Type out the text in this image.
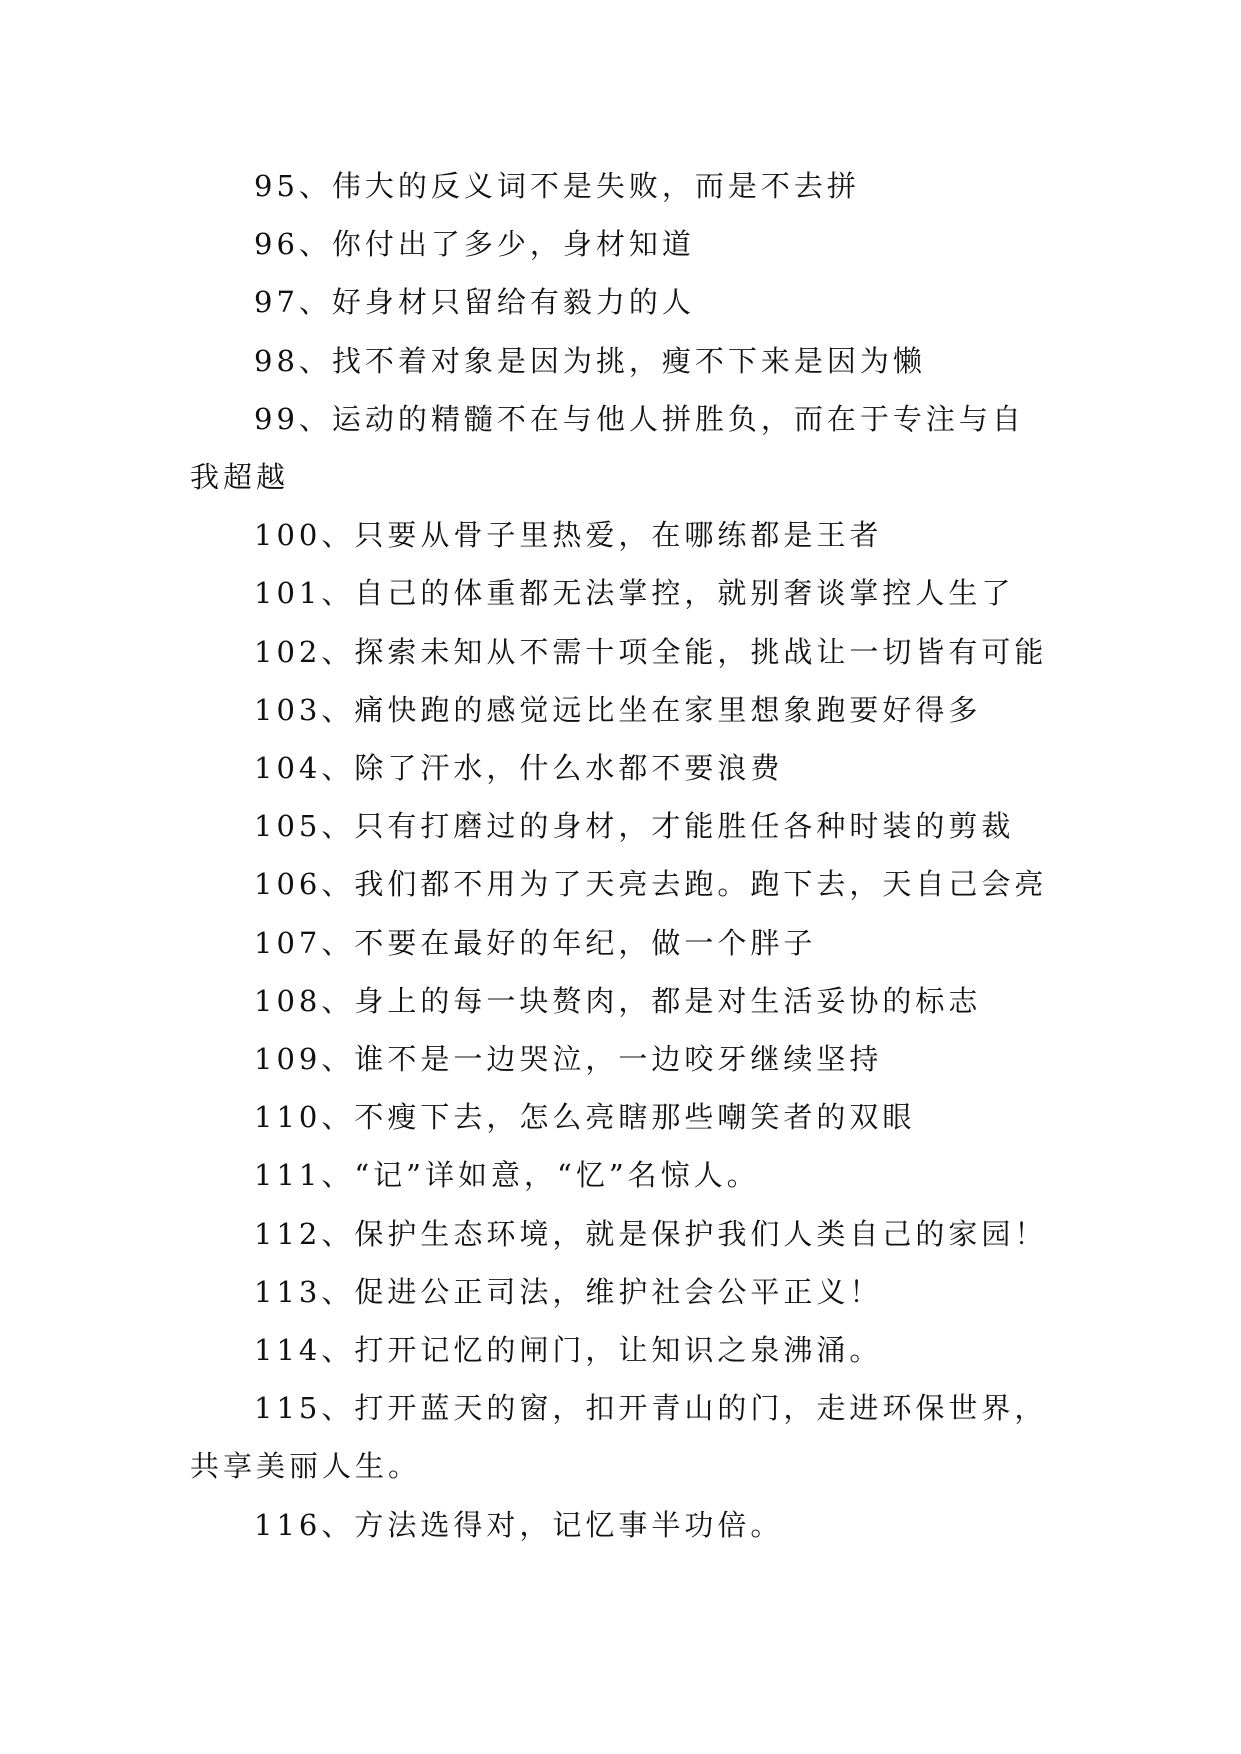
95、伟大的反义词不是失败，而是不去拼

96、你付出了多少，身材知道

97、好身材只留给有毅力的人

98、找不着对象是因为挑，瘦不下来是因为懒

99、运动的精髓不在与他人拼胜负，而在于专注与自我超越

100、只要从骨子里热爱，在哪练都是王者

101、自己的体重都无法掌控，就别奢谈掌控人生了

102、探索未知从不需十项全能，挑战让一切皆有可能

103、痛快跑的感觉远比坐在家里想象跑要好得多

104、除了汗水，什么水都不要浪费

105、只有打磨过的身材，才能胜任各种时装的剪裁

106、我们都不用为了天亮去跑。跑下去，天自己会亮

107、不要在最好的年纪，做一个胖子

108、身上的每一块赘肉，都是对生活妥协的标志

109、谁不是一边哭泣，一边咬牙继续坚持

110、不瘦下去，怎么亮瞎那些嘲笑者的双眼

111、“记”详如意，“忆”名惊人。

112、保护生态环境，就是保护我们人类自己的家园！

113、促进公正司法，维护社会公平正义！

114、打开记忆的闸门，让知识之泉沸涌。

115、打开蓝天的窗，扣开青山的门，走进环保世界，共享美丽人生。

116、方法选得对，记忆事半功倍。
